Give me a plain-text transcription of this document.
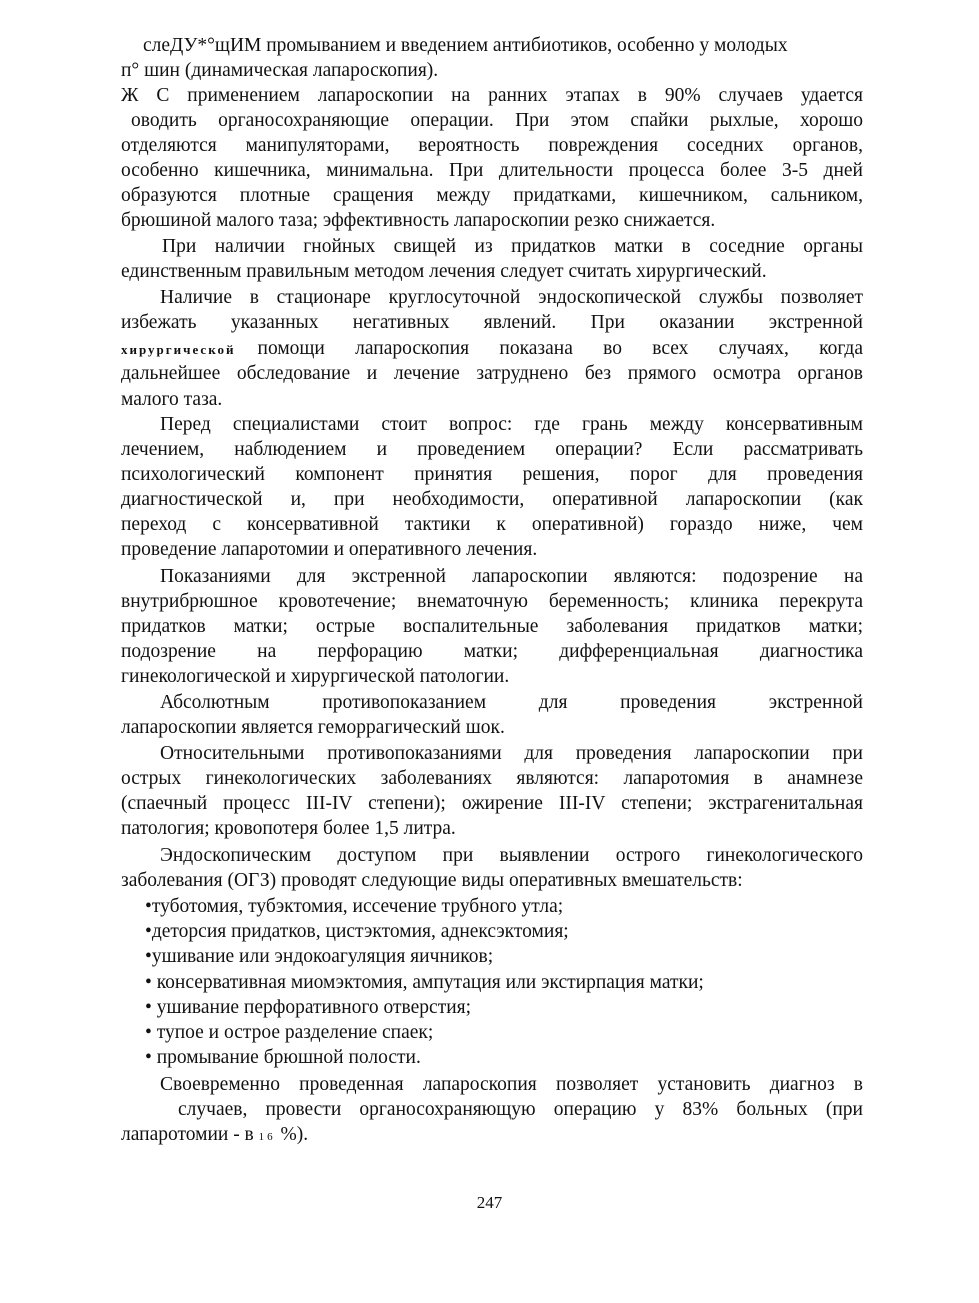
слеДУ*°щИМ промыванием и введением антибиотиков, особенно у молодых
п° шин (динамическая лапароскопия).
Ж С применением лапароскопии на ранних этапах в 90% случаев удается
оводить органосохраняющие операции. При этом спайки рыхлые, хорошо
отделяются манипуляторами, вероятность повреждения соседних органов,
особенно кишечника, минимальна. При длительности процесса более 3-5 дней
образуются плотные сращения между придатками, кишечником, сальником,
брюшиной малого таза; эффективность лапароскопии резко снижается.
При наличии гнойных свищей из придатков матки в соседние органы
единственным правильным методом лечения следует считать хирургический.
Наличие в стационаре круглосуточной эндоскопической службы позволяет
избежать указанных негативных явлений. При оказании экстренной
хирургической помощи лапароскопия показана во всех случаях, когда
дальнейшее обследование и лечение затруднено без прямого осмотра органов
малого таза.
Перед специалистами стоит вопрос: где грань между консервативным
лечением, наблюдением и проведением операции? Если рассматривать
психологический компонент принятия решения, порог для проведения
диагностической и, при необходимости, оперативной лапароскопии (как
переход с консервативной тактики к оперативной) гораздо ниже, чем
проведение лапаротомии и оперативного лечения.
Показаниями для экстренной лапароскопии являются: подозрение на
внутрибрюшное кровотечение; внематочную беременность; клиника перекрута
придатков матки; острые воспалительные заболевания придатков матки;
подозрение на перфорацию матки; дифференциальная диагностика
гинекологической и хирургической патологии.
Абсолютным противопоказанием для проведения экстренной
лапароскопии является геморрагический шок.
Относительными противопоказаниями для проведения лапароскопии при
острых гинекологических заболеваниях являются: лапаротомия в анамнезе
(спаечный процесс III-IV степени); ожирение III-IV степени; экстрагенитальная
патология; кровопотеря более 1,5 литра.
Эндоскопическим доступом при выявлении острого гинекологического
заболевания (ОГЗ) проводят следующие виды оперативных вмешательств:
•туботомия, тубэктомия, иссечение трубного утла;
•деторсия придатков, цистэктомия, аднексэктомия;
•ушивание или эндокоагуляция яичников;
• консервативная миомэктомия, ампутация или экстирпация матки;
• ушивание перфоративного отверстия;
• тупое и острое разделение спаек;
• промывание брюшной полости.
Своевременно проведенная лапароскопия позволяет установить диагноз в
случаев, провести органосохраняющую операцию у 83% больных (при
лапаротомии - в 16 %).
247
